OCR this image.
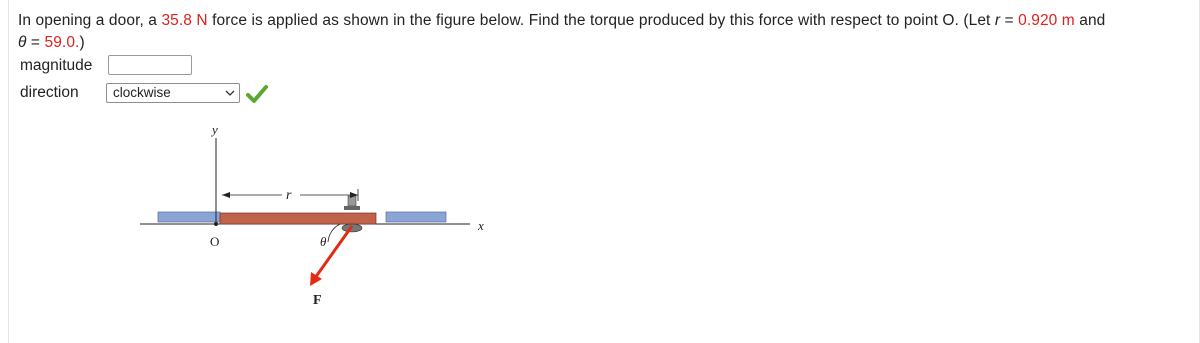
In opening a door, a 35.8 N force is applied as shown in the figure below. Find the torque produced by this force with respect to point O. (Let r = 0.920 m and
θ = 59.0.)
magnitude
direction	clockwise
y
x
r
O	θ
F
